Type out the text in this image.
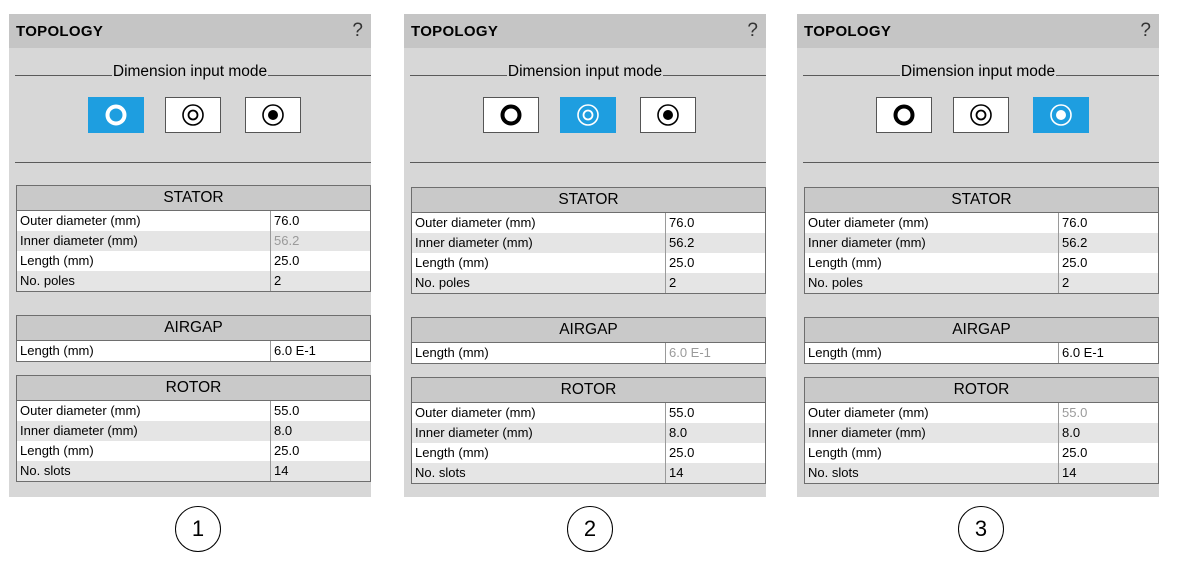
TOPOLOGY	?
Dimension input mode
STATOR
Outer diameter (mm)	76.0
Inner diameter (mm)	56.2
Length (mm)	25.0
No. poles	2
AIRGAP
Length (mm)	6.0 E-1
ROTOR
Outer diameter (mm)	55.0
Inner diameter (mm)	8.0
Length (mm)	25.0
No. slots	14
1
TOPOLOGY	?
Dimension input mode
STATOR
Outer diameter (mm)	76.0
Inner diameter (mm)	56.2
Length (mm)	25.0
No. poles	2
AIRGAP
Length (mm)	6.0 E-1
ROTOR
Outer diameter (mm)	55.0
Inner diameter (mm)	8.0
Length (mm)	25.0
No. slots	14
2
TOPOLOGY	?
Dimension input mode
STATOR
Outer diameter (mm)	76.0
Inner diameter (mm)	56.2
Length (mm)	25.0
No. poles	2
AIRGAP
Length (mm)	6.0 E-1
ROTOR
Outer diameter (mm)	55.0
Inner diameter (mm)	8.0
Length (mm)	25.0
No. slots	14
3
